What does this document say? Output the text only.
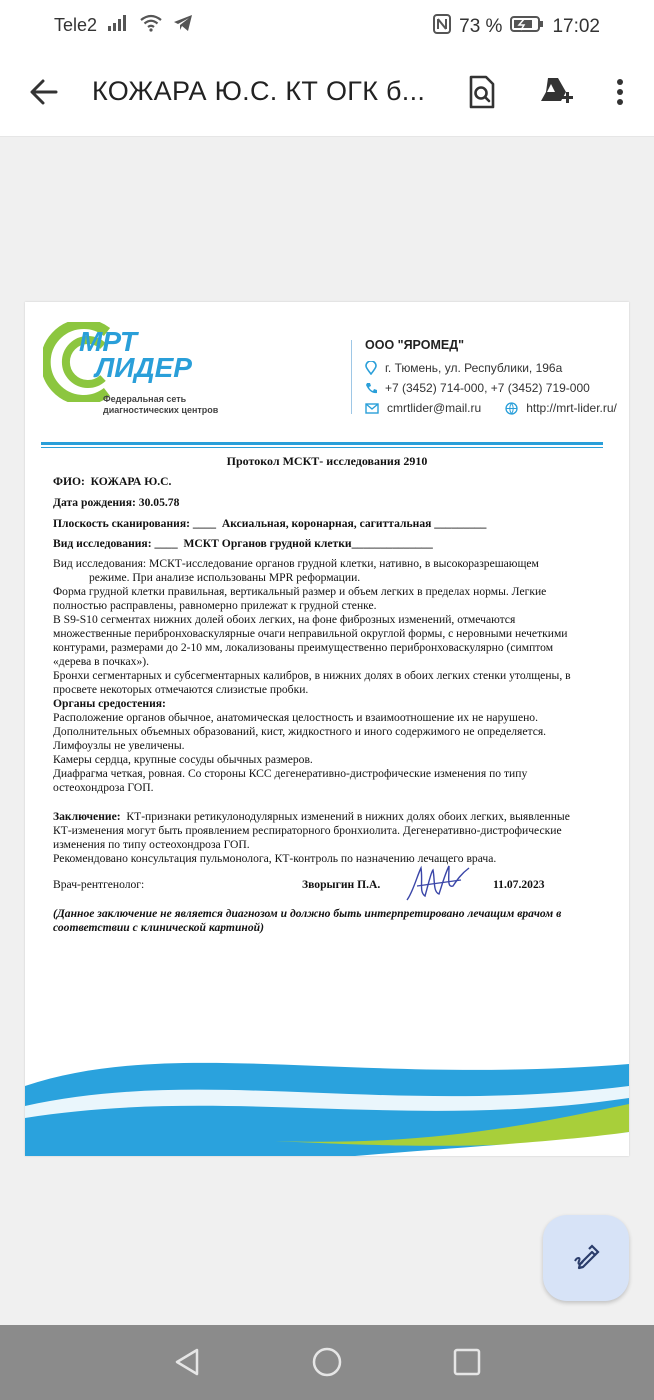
Tele2	73 %	17:02
КОЖАРА Ю.С. КТ ОГК б...
МРТ
ЛИДЕР
Федеральная сеть
диагностических центров
ООО "ЯРОМЕД"
г. Тюмень, ул. Республики, 196а
+7 (3452) 714-000, +7 (3452) 719-000
cmrtlider@mail.ru	http://mrt-lider.ru/
Протокол МСКТ- исследования 2910
ФИО: КОЖАРА Ю.С.
Дата рождения: 30.05.78
Плоскость сканирования: ____ Аксиальная, коронарная, сагиттальная _________
Вид исследования: ____ МСКТ Органов грудной клетки______________
Вид исследования: МСКТ-исследование органов грудной клетки, нативно, в высокоразрешающем
режиме. При анализе использованы MPR реформации.
Форма грудной клетки правильная, вертикальный размер и объем легких в пределах нормы. Легкие
полностью расправлены, равномерно прилежат к грудной стенке.
В S9-S10 сегментах нижних долей обоих легких, на фоне фиброзных изменений, отмечаются
множественные перибронховаскулярные очаги неправильной округлой формы, с неровными нечеткими
контурами, размерами до 2-10 мм, локализованы преимущественно перибронховаскулярно (симптом
«дерева в почках»).
Бронхи сегментарных и субсегментарных калибров, в нижних долях в обоих легких стенки утолщены, в
просвете некоторых отмечаются слизистые пробки.
Органы средостения:
Расположение органов обычное, анатомическая целостность и взаимоотношение их не нарушено.
Дополнительных объемных образований, кист, жидкостного и иного содержимого не определяется.
Лимфоузлы не увеличены.
Камеры сердца, крупные сосуды обычных размеров.
Диафрагма четкая, ровная. Со стороны КСС дегенеративно-дистрофические изменения по типу
остеохондроза ГОП.
Заключение: КТ-признаки ретикулонодулярных изменений в нижних долях обоих легких, выявленные
КТ-изменения могут быть проявлением респираторного бронхиолита. Дегенеративно-дистрофические
изменения по типу остеохондроза ГОП.
Рекомендовано консультация пульмонолога, КТ-контроль по назначению лечащего врача.
Врач-рентгенолог:	Зворыгин П.А.	11.07.2023
(Данное заключение не является диагнозом и должно быть интерпретировано лечащим врачом в
соответствии с клинической картиной)
